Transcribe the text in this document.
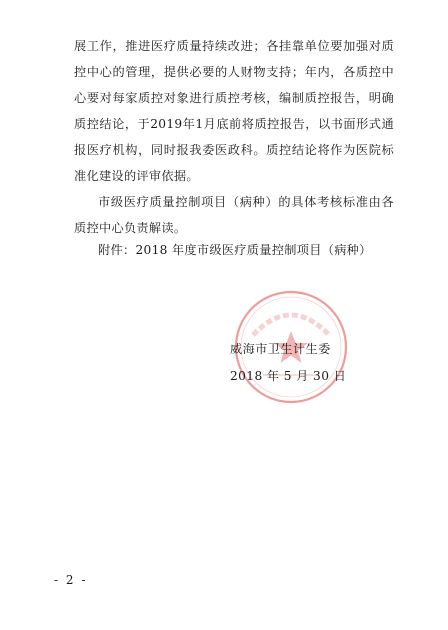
展工作，推进医疗质量持续改进；各挂靠单位要加强对质控中心的管理，提供必要的人财物支持；年内，各质控中心要对每家质控对象进行质控考核，编制质控报告，明确质控结论，于2019年1月底前将质控报告，以书面形式通报医疗机构，同时报我委医政科。质控结论将作为医院标准化建设的评审依据。

市级医疗质量控制项目（病种）的具体考核标准由各质控中心负责解读。

附件：2018 年度市级医疗质量控制项目（病种）
威海市卫生计生委
2018 年 5 月 30 日
- 2 -
